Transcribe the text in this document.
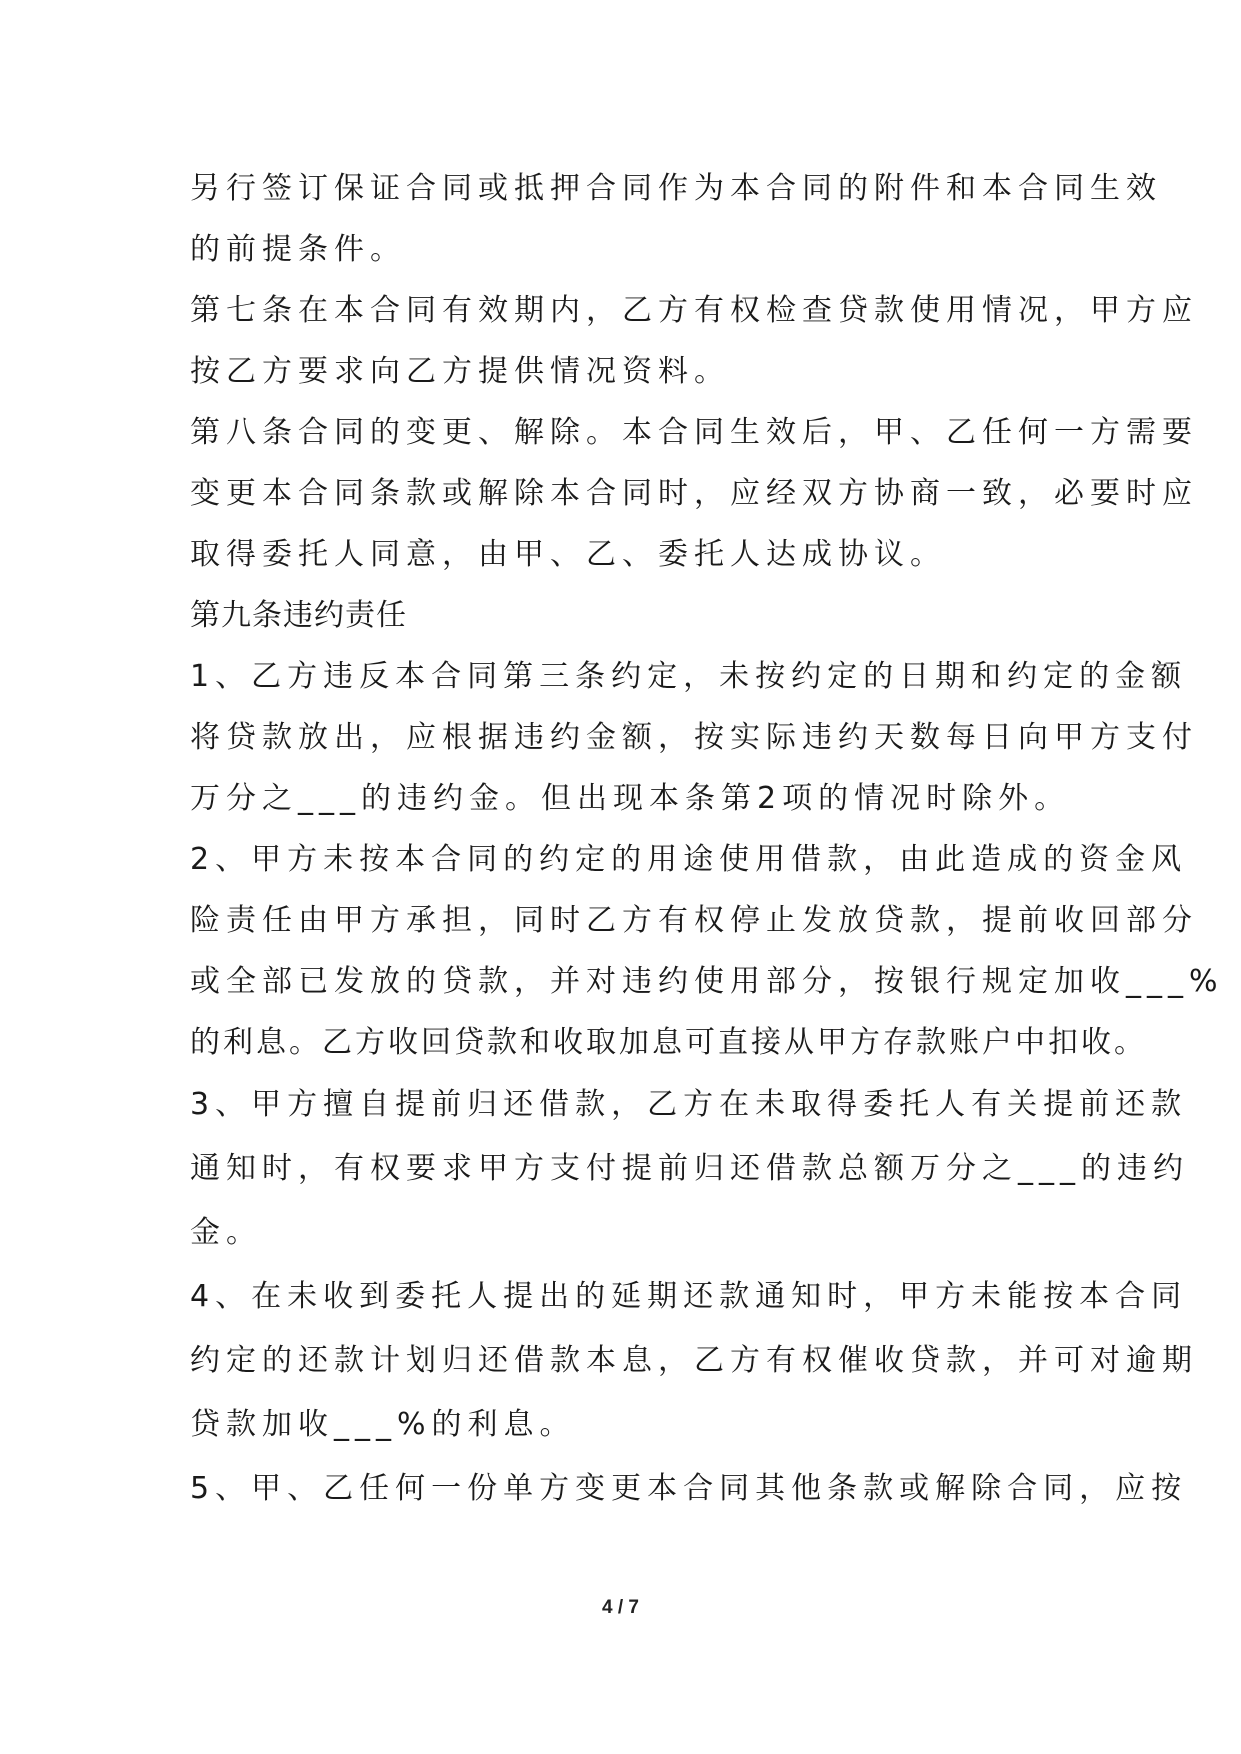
另行签订保证合同或抵押合同作为本合同的附件和本合同生效
的前提条件。
第七条在本合同有效期内，乙方有权检查贷款使用情况，甲方应
按乙方要求向乙方提供情况资料。
第八条合同的变更、解除。本合同生效后，甲、乙任何一方需要
变更本合同条款或解除本合同时，应经双方协商一致，必要时应
取得委托人同意，由甲、乙、委托人达成协议。
第九条违约责任
1、乙方违反本合同第三条约定，未按约定的日期和约定的金额
将贷款放出，应根据违约金额，按实际违约天数每日向甲方支付
万分之___的违约金。但出现本条第2项的情况时除外。
2、甲方未按本合同的约定的用途使用借款，由此造成的资金风
险责任由甲方承担，同时乙方有权停止发放贷款，提前收回部分
或全部已发放的贷款，并对违约使用部分，按银行规定加收___%
的利息。乙方收回贷款和收取加息可直接从甲方存款账户中扣收。
3、甲方擅自提前归还借款，乙方在未取得委托人有关提前还款
通知时，有权要求甲方支付提前归还借款总额万分之___的违约
金。
4、在未收到委托人提出的延期还款通知时，甲方未能按本合同
约定的还款计划归还借款本息，乙方有权催收贷款，并可对逾期
贷款加收___%的利息。
5、甲、乙任何一份单方变更本合同其他条款或解除合同，应按
4 / 7
